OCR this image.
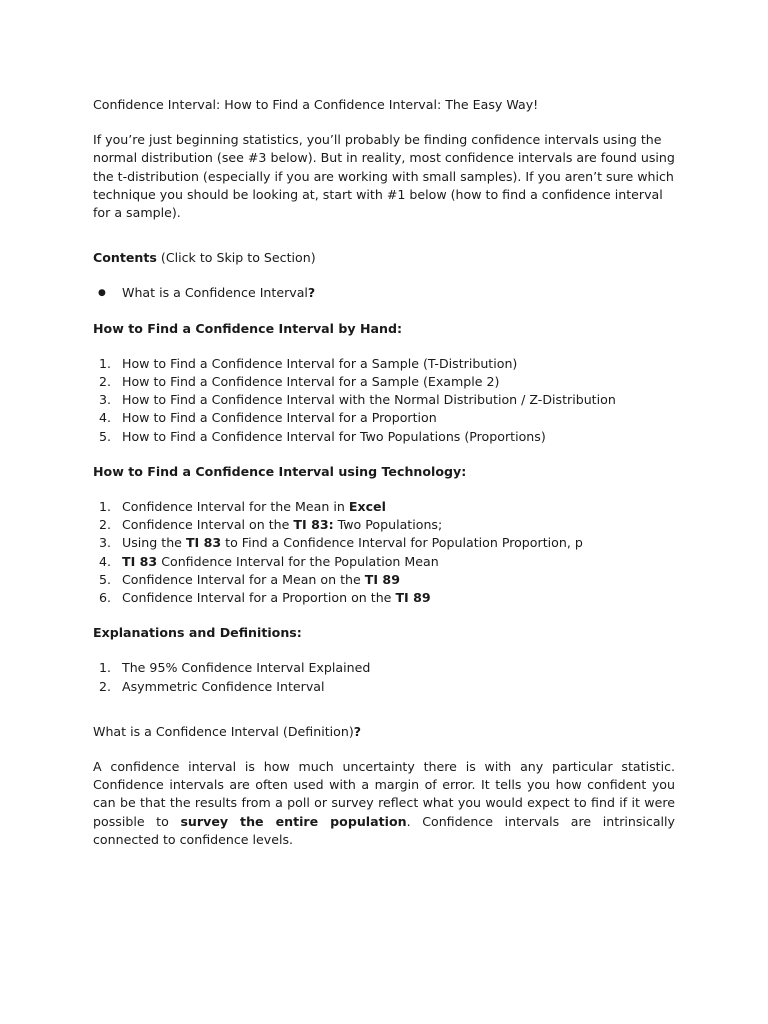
Confidence Interval: How to Find a Confidence Interval: The Easy Way!

If you’re just beginning statistics, you’ll probably be finding confidence intervals using the normal distribution (see #3 below). But in reality, most confidence intervals are found using the t-distribution (especially if you are working with small samples). If you aren’t sure which technique you should be looking at, start with #1 below (how to find a confidence interval for a sample).

Contents (Click to Skip to Section)

● What is a Confidence Interval?

How to Find a Confidence Interval by Hand:

1. How to Find a Confidence Interval for a Sample (T-Distribution)
2. How to Find a Confidence Interval for a Sample (Example 2)
3. How to Find a Confidence Interval with the Normal Distribution / Z-Distribution
4. How to Find a Confidence Interval for a Proportion
5. How to Find a Confidence Interval for Two Populations (Proportions)

How to Find a Confidence Interval using Technology:

1. Confidence Interval for the Mean in Excel
2. Confidence Interval on the TI 83: Two Populations;
3. Using the TI 83 to Find a Confidence Interval for Population Proportion, p
4. TI 83 Confidence Interval for the Population Mean
5. Confidence Interval for a Mean on the TI 89
6. Confidence Interval for a Proportion on the TI 89

Explanations and Definitions:

1. The 95% Confidence Interval Explained
2. Asymmetric Confidence Interval

What is a Confidence Interval (Definition)?

A confidence interval is how much uncertainty there is with any particular statistic. Confidence intervals are often used with a margin of error. It tells you how confident you can be that the results from a poll or survey reflect what you would expect to find if it were possible to survey the entire population. Confidence intervals are intrinsically connected to confidence levels.
